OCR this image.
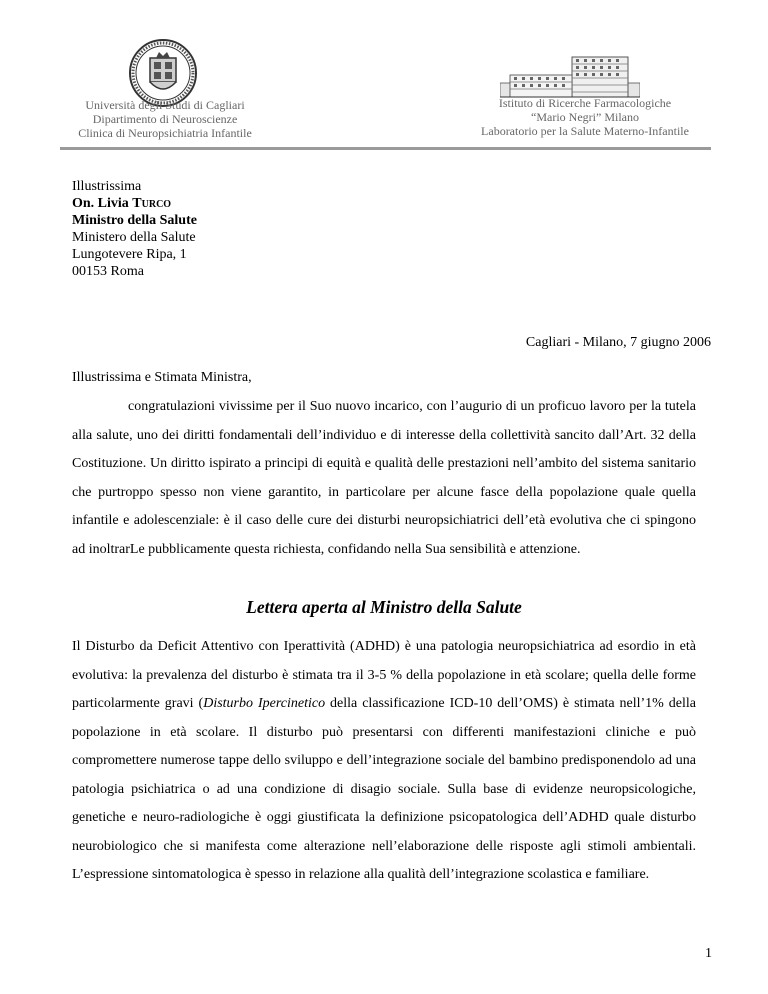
Università degli Studi di Cagliari
Dipartimento di Neuroscienze
Clinica di Neuropsichiatria Infantile
Istituto di Ricerche Farmacologiche
“Mario Negri” Milano
Laboratorio per la Salute Materno-Infantile
Illustrissima
On. Livia Turco
Ministro della Salute
Ministero della Salute
Lungotevere Ripa, 1
00153 Roma
Cagliari - Milano, 7 giugno 2006
Illustrissima e Stimata Ministra,

congratulazioni vivissime per il Suo nuovo incarico, con l’augurio di un proficuo lavoro per la tutela alla salute, uno dei diritti fondamentali dell’individuo e di interesse della collettività sancito dall’Art. 32 della Costituzione. Un diritto ispirato a principi di equità e qualità delle prestazioni nell’ambito del sistema sanitario che purtroppo spesso non viene garantito, in particolare per alcune fasce della popolazione quale quella infantile e adolescenziale: è il caso delle cure dei disturbi neuropsichiatrici dell’età evolutiva che ci spingono ad inoltrarLe pubblicamente questa richiesta, confidando nella Sua sensibilità e attenzione.

Lettera aperta al Ministro della Salute

Il Disturbo da Deficit Attentivo con Iperattività (ADHD) è una patologia neuropsichiatrica ad esordio in età evolutiva: la prevalenza del disturbo è stimata tra il 3-5 % della popolazione in età scolare; quella delle forme particolarmente gravi (Disturbo Ipercinetico della classificazione ICD-10 dell’OMS) è stimata nell’1% della popolazione in età scolare. Il disturbo può presentarsi con differenti manifestazioni cliniche e può compromettere numerose tappe dello sviluppo e dell’integrazione sociale del bambino predisponendolo ad una patologia psichiatrica o ad una condizione di disagio sociale. Sulla base di evidenze neuropsicologiche, genetiche e neuro-radiologiche è oggi giustificata la definizione psicopatologica dell’ADHD quale disturbo neurobiologico che si manifesta come alterazione nell’elaborazione delle risposte agli stimoli ambientali. L’espressione sintomatologica è spesso in relazione alla qualità dell’integrazione scolastica e familiare.

1
